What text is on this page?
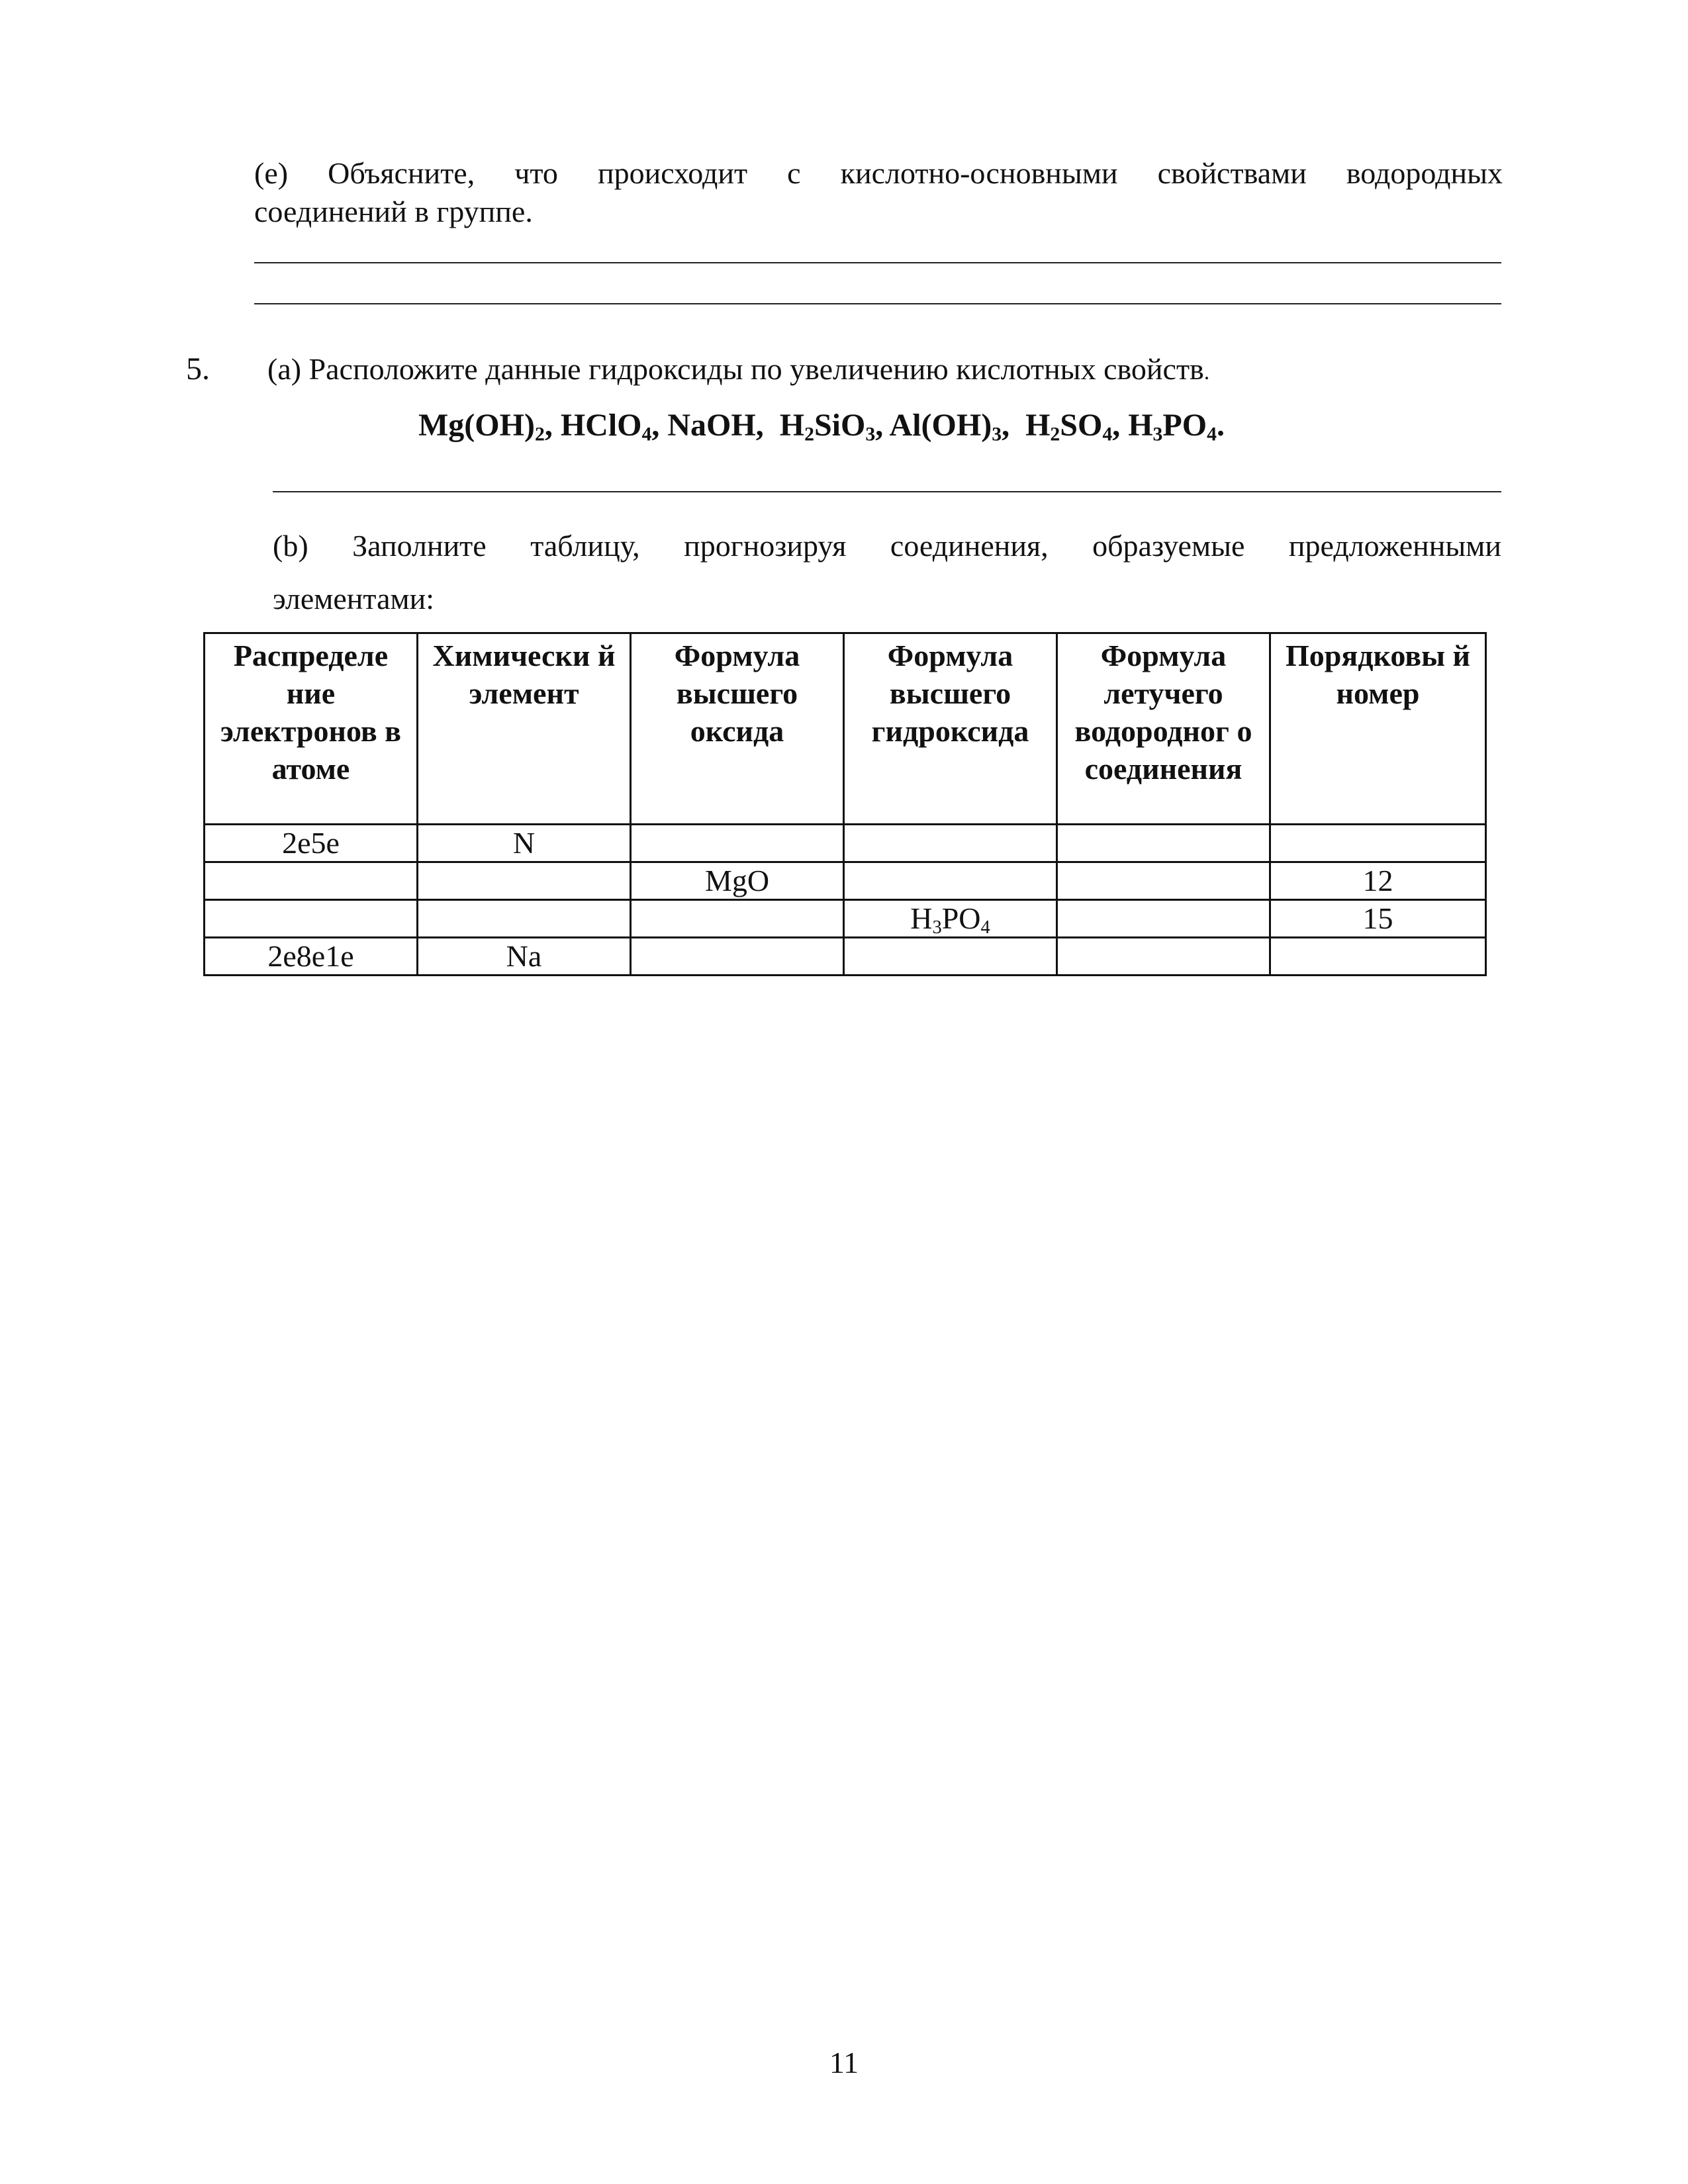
(e) Объясните, что происходит с кислотно-основными свойствами водородных
соединений в группе.
5. (a) Расположите данные гидроксиды по увеличению кислотных свойств.
$Mg(OH)_2$, HClO$_4$, NaOH,  $H_2SiO_3$, $Al(OH)_3$,  $H_2SO_4$, $H_3PO_4$.
(b) Заполните таблицу, прогнозируя соединения, образуемые предложенными
элементами:
Распределе ние электронов в атоме	Химически й элемент	Формула высшего оксида	Формула высшего гидроксида	Формула летучего водородног о соединения	Порядковы й номер
2е5е	N				
		MgO			12
			$H_3PO_4$		15
2е8е1е	Na				
11
